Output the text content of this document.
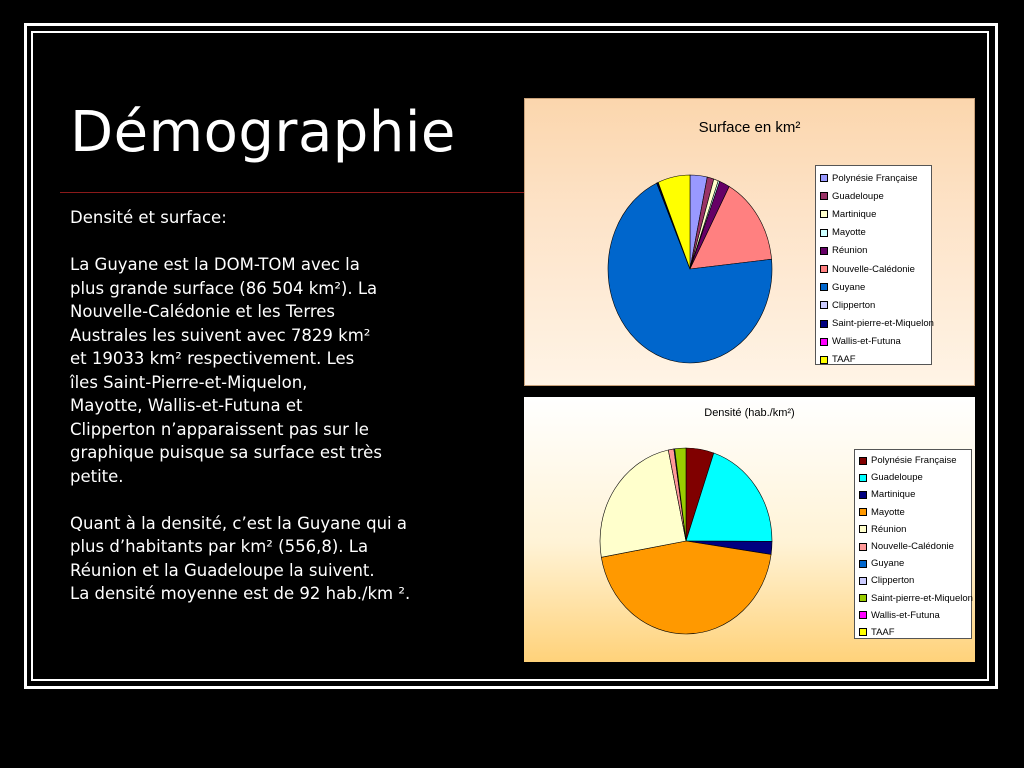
Démographie

Densité et surface:

La Guyane est la DOM-TOM avec la
plus grande surface (86 504 km²). La
Nouvelle-Calédonie et les Terres
Australes les suivent avec 7829 km²
et 19033 km² respectivement. Les
îles Saint-Pierre-et-Miquelon,
Mayotte, Wallis-et-Futuna et
Clipperton n’apparaissent pas sur le
graphique puisque sa surface est très
petite.

Quant à la densité, c’est la Guyane qui a
plus d’habitants par km² (556,8). La
Réunion et la Guadeloupe la suivent.

La densité moyenne est de 92 hab./km ².

Surface en km²
Polynésie Française
Guadeloupe
Martinique
Mayotte
Réunion
Nouvelle-Calédonie
Guyane
Clipperton
Saint-pierre-et-Miquelon
Wallis-et-Futuna
TAAF
Densité (hab./km²)
Polynésie Française
Guadeloupe
Martinique
Mayotte
Réunion
Nouvelle-Calédonie
Guyane
Clipperton
Saint-pierre-et-Miquelon
Wallis-et-Futuna
TAAF
